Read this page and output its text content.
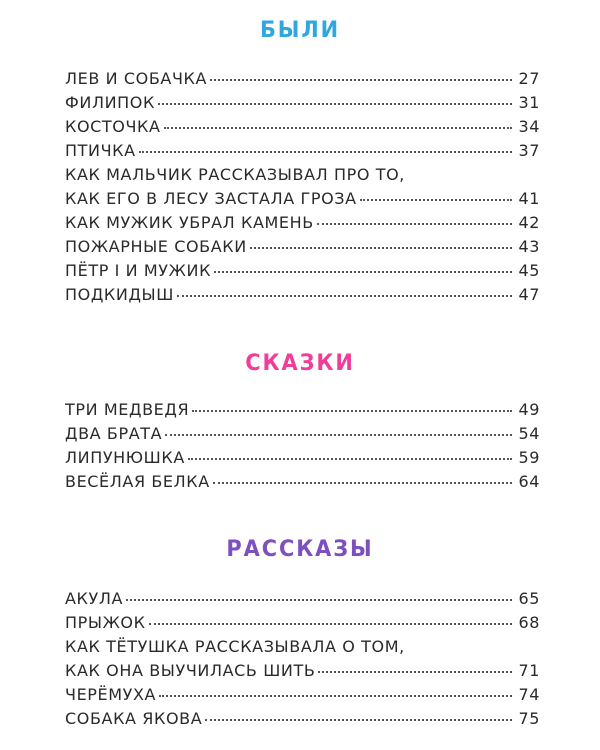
БЫЛИ
ЛЕВ И СОБАЧКА	27
ФИЛИПОК	31
КОСТОЧКА	34
ПТИЧКА	37
КАК МАЛЬЧИК РАССКАЗЫВАЛ ПРО ТО,
КАК ЕГО В ЛЕСУ ЗАСТАЛА ГРОЗА	41
КАК МУЖИК УБРАЛ КАМЕНЬ	42
ПОЖАРНЫЕ СОБАКИ	43
ПЁТР I И МУЖИК	45
ПОДКИДЫШ	47
СКАЗКИ
ТРИ МЕДВЕДЯ	49
ДВА БРАТА	54
ЛИПУНЮШКА	59
ВЕСЁЛАЯ БЕЛКА	64
РАССКАЗЫ
АКУЛА	65
ПРЫЖОК	68
КАК ТЁТУШКА РАССКАЗЫВАЛА О ТОМ,
КАК ОНА ВЫУЧИЛАСЬ ШИТЬ	71
ЧЕРЁМУХА	74
СОБАКА ЯКОВА	75
